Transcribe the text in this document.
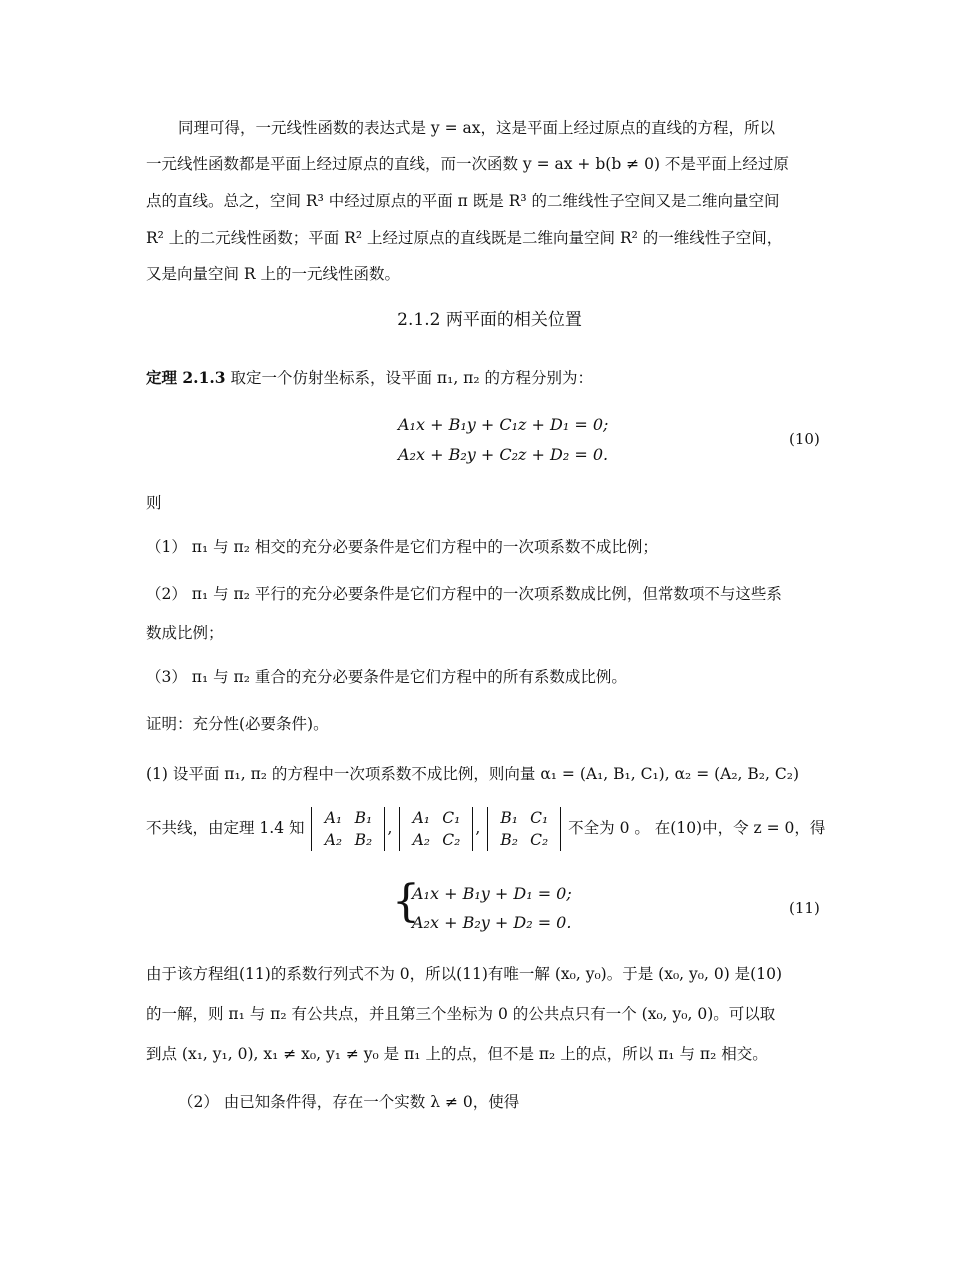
同理可得，一元线性函数的表达式是 y = ax，这是平面上经过原点的直线的方程，所以
一元线性函数都是平面上经过原点的直线，而一次函数 y = ax + b(b ≠ 0) 不是平面上经过原
点的直线。总之，空间 R³ 中经过原点的平面 π 既是 R³ 的二维线性子空间又是二维向量空间
R² 上的二元线性函数；平面 R² 上经过原点的直线既是二维向量空间 R² 的一维线性子空间，
又是向量空间 R 上的一元线性函数。
2.1.2 两平面的相关位置
定理 2.1.3 取定一个仿射坐标系，设平面 π₁, π₂ 的方程分别为：
A₁x + B₁y + C₁z + D₁ = 0;
A₂x + B₂y + C₂z + D₂ = 0.
(10)
则
（1） π₁ 与 π₂ 相交的充分必要条件是它们方程中的一次项系数不成比例；
（2） π₁ 与 π₂ 平行的充分必要条件是它们方程中的一次项系数成比例，但常数项不与这些系
数成比例；
（3） π₁ 与 π₂ 重合的充分必要条件是它们方程中的所有系数成比例。
证明：充分性(必要条件)。
(1) 设平面 π₁, π₂ 的方程中一次项系数不成比例，则向量 α₁ = (A₁, B₁, C₁), α₂ = (A₂, B₂, C₂)
不共线，由定理 1.4 知 A₁ B₁
A₂ B₂, A₁ C₁
A₂ C₂, B₁ C₁
B₂ C₂ 不全为 0 。 在(10)中，令 z = 0，得
{
A₁x + B₁y + D₁ = 0;
A₂x + B₂y + D₂ = 0.
(11)
由于该方程组(11)的系数行列式不为 0，所以(11)有唯一解 (x₀, y₀)。于是 (x₀, y₀, 0) 是(10)
的一解，则 π₁ 与 π₂ 有公共点，并且第三个坐标为 0 的公共点只有一个 (x₀, y₀, 0)。可以取
到点 (x₁, y₁, 0), x₁ ≠ x₀, y₁ ≠ y₀ 是 π₁ 上的点，但不是 π₂ 上的点，所以 π₁ 与 π₂ 相交。
（2） 由已知条件得，存在一个实数 λ ≠ 0，使得
